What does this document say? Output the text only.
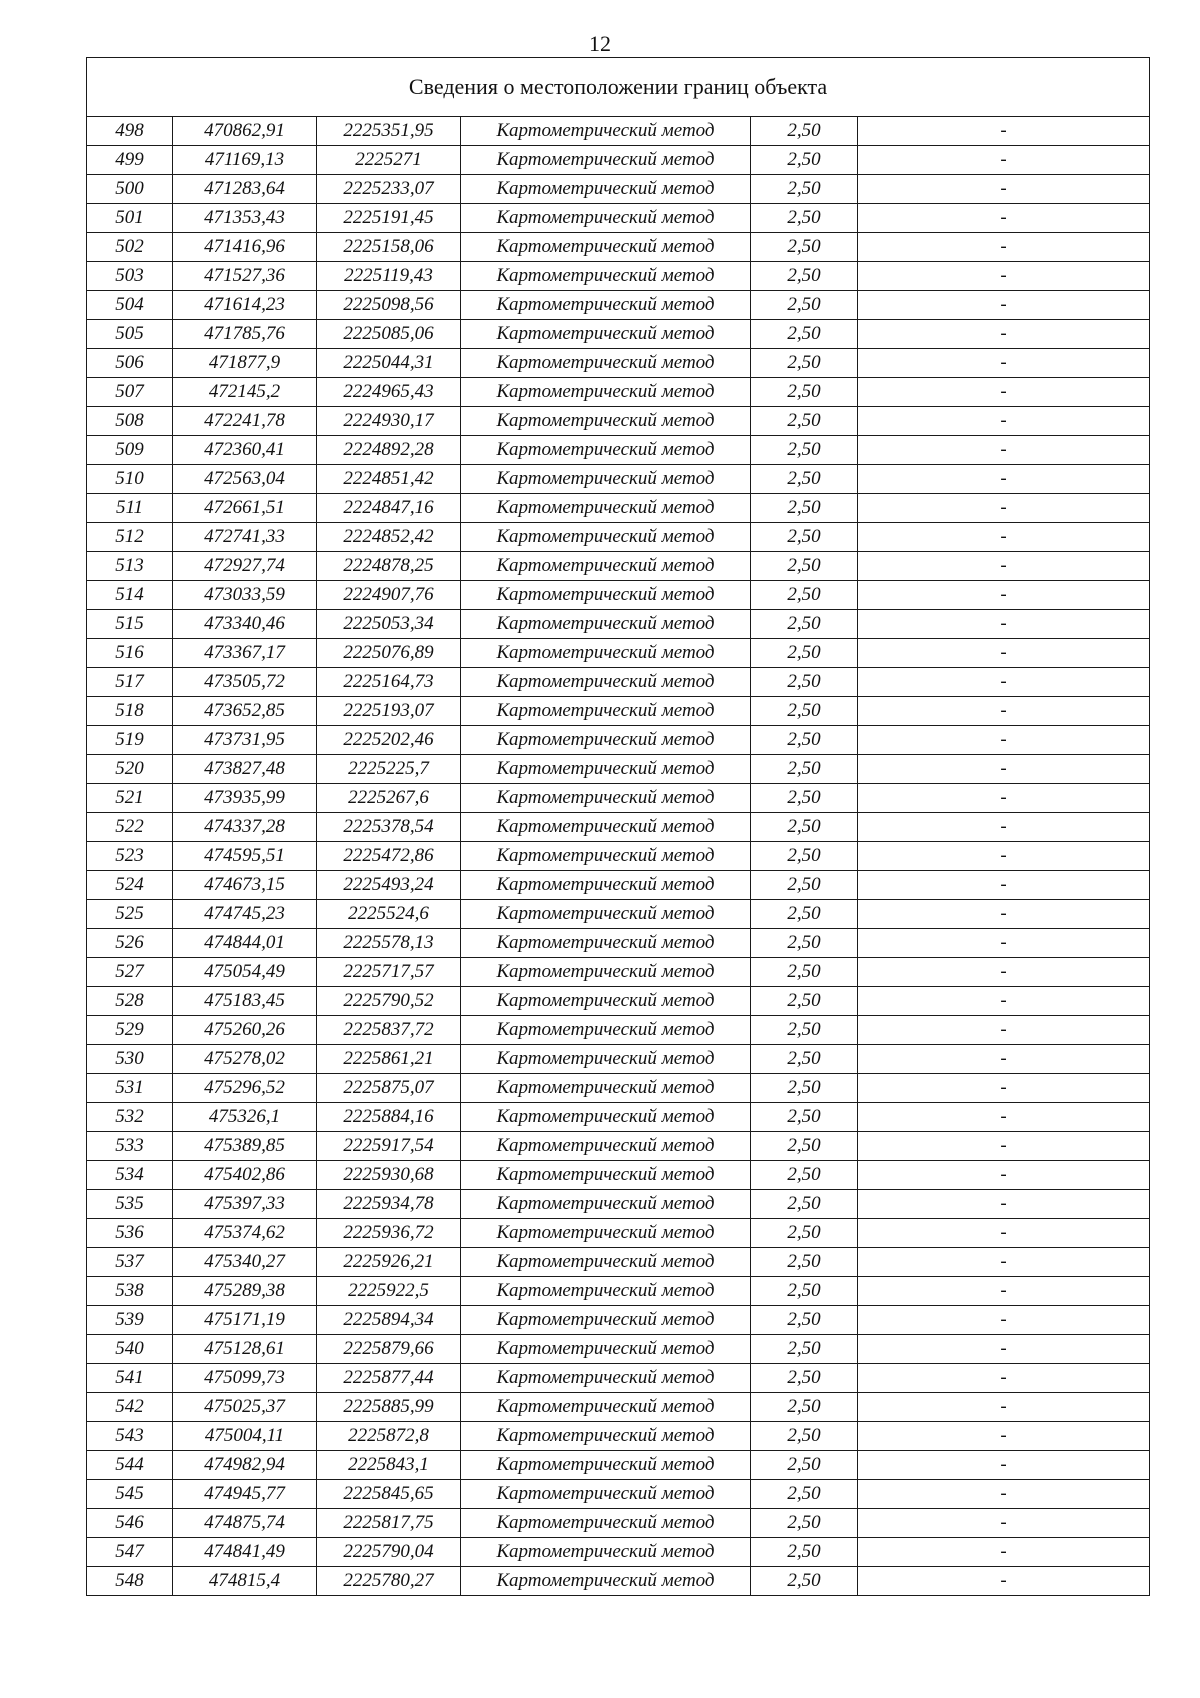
12
Сведения о местоположении границ объекта					
498	470862,91	2225351,95	Картометрический метод	2,50	-
499	471169,13	2225271	Картометрический метод	2,50	-
500	471283,64	2225233,07	Картометрический метод	2,50	-
501	471353,43	2225191,45	Картометрический метод	2,50	-
502	471416,96	2225158,06	Картометрический метод	2,50	-
503	471527,36	2225119,43	Картометрический метод	2,50	-
504	471614,23	2225098,56	Картометрический метод	2,50	-
505	471785,76	2225085,06	Картометрический метод	2,50	-
506	471877,9	2225044,31	Картометрический метод	2,50	-
507	472145,2	2224965,43	Картометрический метод	2,50	-
508	472241,78	2224930,17	Картометрический метод	2,50	-
509	472360,41	2224892,28	Картометрический метод	2,50	-
510	472563,04	2224851,42	Картометрический метод	2,50	-
511	472661,51	2224847,16	Картометрический метод	2,50	-
512	472741,33	2224852,42	Картометрический метод	2,50	-
513	472927,74	2224878,25	Картометрический метод	2,50	-
514	473033,59	2224907,76	Картометрический метод	2,50	-
515	473340,46	2225053,34	Картометрический метод	2,50	-
516	473367,17	2225076,89	Картометрический метод	2,50	-
517	473505,72	2225164,73	Картометрический метод	2,50	-
518	473652,85	2225193,07	Картометрический метод	2,50	-
519	473731,95	2225202,46	Картометрический метод	2,50	-
520	473827,48	2225225,7	Картометрический метод	2,50	-
521	473935,99	2225267,6	Картометрический метод	2,50	-
522	474337,28	2225378,54	Картометрический метод	2,50	-
523	474595,51	2225472,86	Картометрический метод	2,50	-
524	474673,15	2225493,24	Картометрический метод	2,50	-
525	474745,23	2225524,6	Картометрический метод	2,50	-
526	474844,01	2225578,13	Картометрический метод	2,50	-
527	475054,49	2225717,57	Картометрический метод	2,50	-
528	475183,45	2225790,52	Картометрический метод	2,50	-
529	475260,26	2225837,72	Картометрический метод	2,50	-
530	475278,02	2225861,21	Картометрический метод	2,50	-
531	475296,52	2225875,07	Картометрический метод	2,50	-
532	475326,1	2225884,16	Картометрический метод	2,50	-
533	475389,85	2225917,54	Картометрический метод	2,50	-
534	475402,86	2225930,68	Картометрический метод	2,50	-
535	475397,33	2225934,78	Картометрический метод	2,50	-
536	475374,62	2225936,72	Картометрический метод	2,50	-
537	475340,27	2225926,21	Картометрический метод	2,50	-
538	475289,38	2225922,5	Картометрический метод	2,50	-
539	475171,19	2225894,34	Картометрический метод	2,50	-
540	475128,61	2225879,66	Картометрический метод	2,50	-
541	475099,73	2225877,44	Картометрический метод	2,50	-
542	475025,37	2225885,99	Картометрический метод	2,50	-
543	475004,11	2225872,8	Картометрический метод	2,50	-
544	474982,94	2225843,1	Картометрический метод	2,50	-
545	474945,77	2225845,65	Картометрический метод	2,50	-
546	474875,74	2225817,75	Картометрический метод	2,50	-
547	474841,49	2225790,04	Картометрический метод	2,50	-
548	474815,4	2225780,27	Картометрический метод	2,50	-
